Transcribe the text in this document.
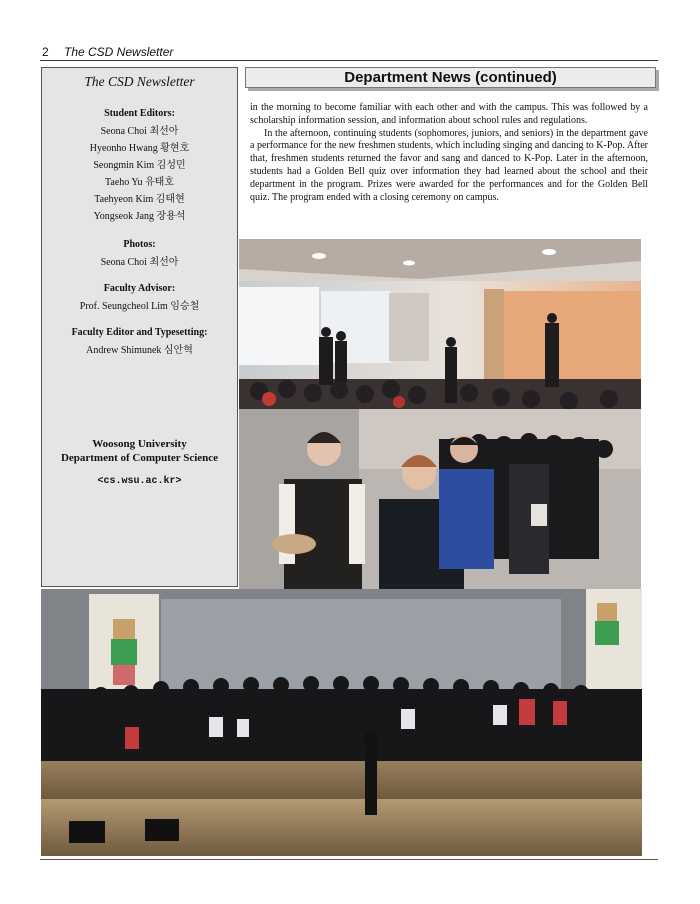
2 The CSD Newsletter
The CSD Newsletter
Student Editors:
Seona Choi 최선아
Hyeonho Hwang 황현호
Seongmin Kim 김성민
Taeho Yu 유태호
Taehyeon Kim 김태현
Yongseok Jang 장용석
Photos:
Seona Choi 최선아
Faculty Advisor:
Prof. Seungcheol Lim 임승철
Faculty Editor and Typesetting:
Andrew Shimunek 심안혁
Woosong University
Department of Computer Science
<cs.wsu.ac.kr>
Department News (continued)

in the morning to become familiar with each other and with the campus. This was followed by a scholarship information session, and information about school rules and regulations.

In the afternoon, continuing students (sophomores, juniors, and seniors) in the department gave a performance for the new freshmen students, which including singing and dancing to K-Pop. After that, freshmen students returned the favor and sang and danced to K-Pop. Later in the afternoon, students had a Golden Bell quiz over information they had learned about the school and their department in the program. Prizes were awarded for the performances and for the Golden Bell quiz. The program ended with a closing ceremony on campus.
